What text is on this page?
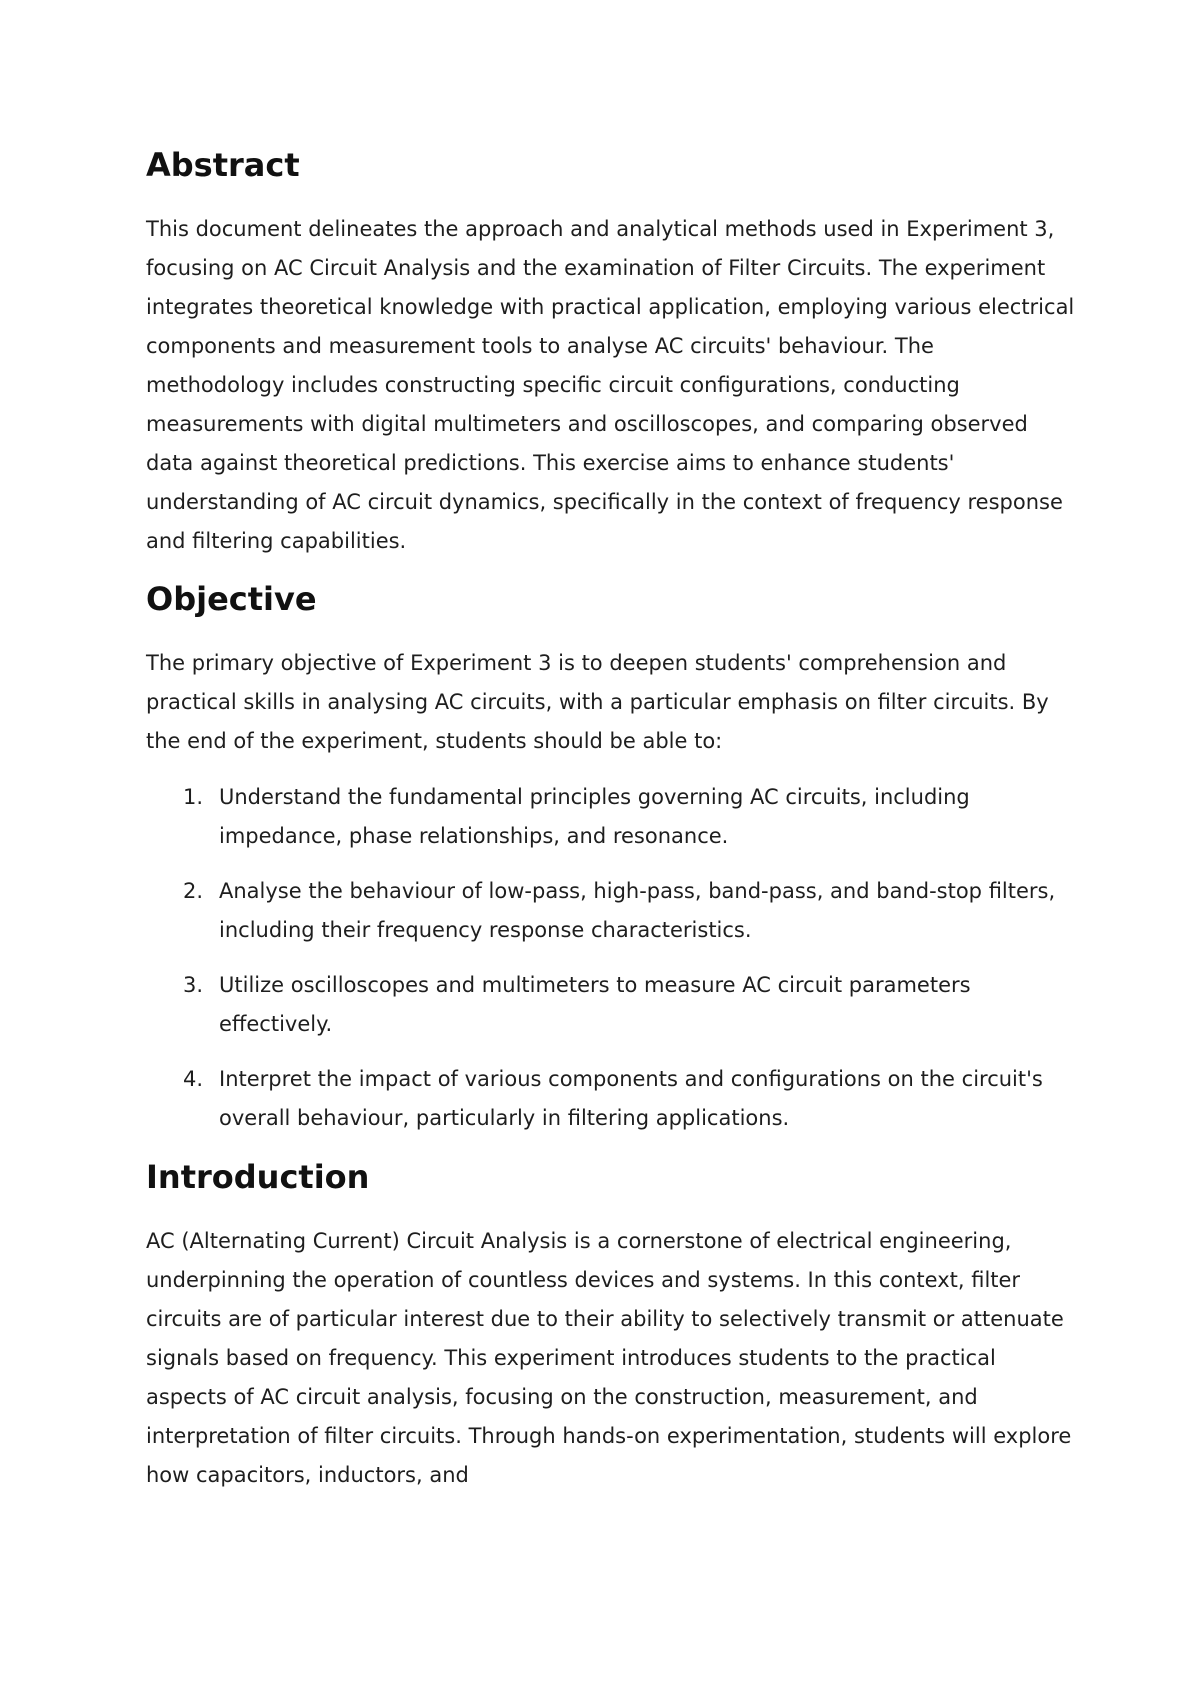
Abstract

This document delineates the approach and analytical methods used in Experiment 3, focusing on AC Circuit Analysis and the examination of Filter Circuits. The experiment integrates theoretical knowledge with practical application, employing various electrical components and measurement tools to analyse AC circuits' behaviour. The methodology includes constructing specific circuit configurations, conducting measurements with digital multimeters and oscilloscopes, and comparing observed data against theoretical predictions. This exercise aims to enhance students' understanding of AC circuit dynamics, specifically in the context of frequency response and filtering capabilities.

Objective

The primary objective of Experiment 3 is to deepen students' comprehension and practical skills in analysing AC circuits, with a particular emphasis on filter circuits. By the end of the experiment, students should be able to:

1. Understand the fundamental principles governing AC circuits, including impedance, phase relationships, and resonance.
2. Analyse the behaviour of low-pass, high-pass, band-pass, and band-stop filters, including their frequency response characteristics.
3. Utilize oscilloscopes and multimeters to measure AC circuit parameters effectively.
4. Interpret the impact of various components and configurations on the circuit's overall behaviour, particularly in filtering applications.
Introduction

AC (Alternating Current) Circuit Analysis is a cornerstone of electrical engineering, underpinning the operation of countless devices and systems. In this context, filter circuits are of particular interest due to their ability to selectively transmit or attenuate signals based on frequency. This experiment introduces students to the practical aspects of AC circuit analysis, focusing on the construction, measurement, and interpretation of filter circuits. Through hands-on experimentation, students will explore how capacitors, inductors, and
